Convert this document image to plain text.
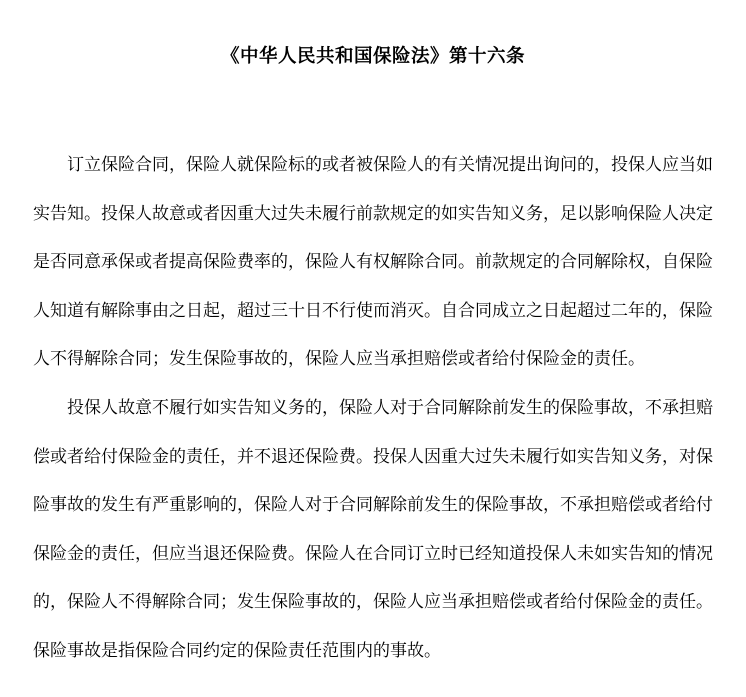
《中华人民共和国保险法》第十六条
订立保险合同，保险人就保险标的或者被保险人的有关情况提出询问的，投保人应当如
实告知。投保人故意或者因重大过失未履行前款规定的如实告知义务，足以影响保险人决定
是否同意承保或者提高保险费率的，保险人有权解除合同。前款规定的合同解除权，自保险
人知道有解除事由之日起，超过三十日不行使而消灭。自合同成立之日起超过二年的，保险
人不得解除合同；发生保险事故的，保险人应当承担赔偿或者给付保险金的责任。
投保人故意不履行如实告知义务的，保险人对于合同解除前发生的保险事故，不承担赔
偿或者给付保险金的责任，并不退还保险费。投保人因重大过失未履行如实告知义务，对保
险事故的发生有严重影响的，保险人对于合同解除前发生的保险事故，不承担赔偿或者给付
保险金的责任，但应当退还保险费。保险人在合同订立时已经知道投保人未如实告知的情况
的，保险人不得解除合同；发生保险事故的，保险人应当承担赔偿或者给付保险金的责任。
保险事故是指保险合同约定的保险责任范围内的事故。
